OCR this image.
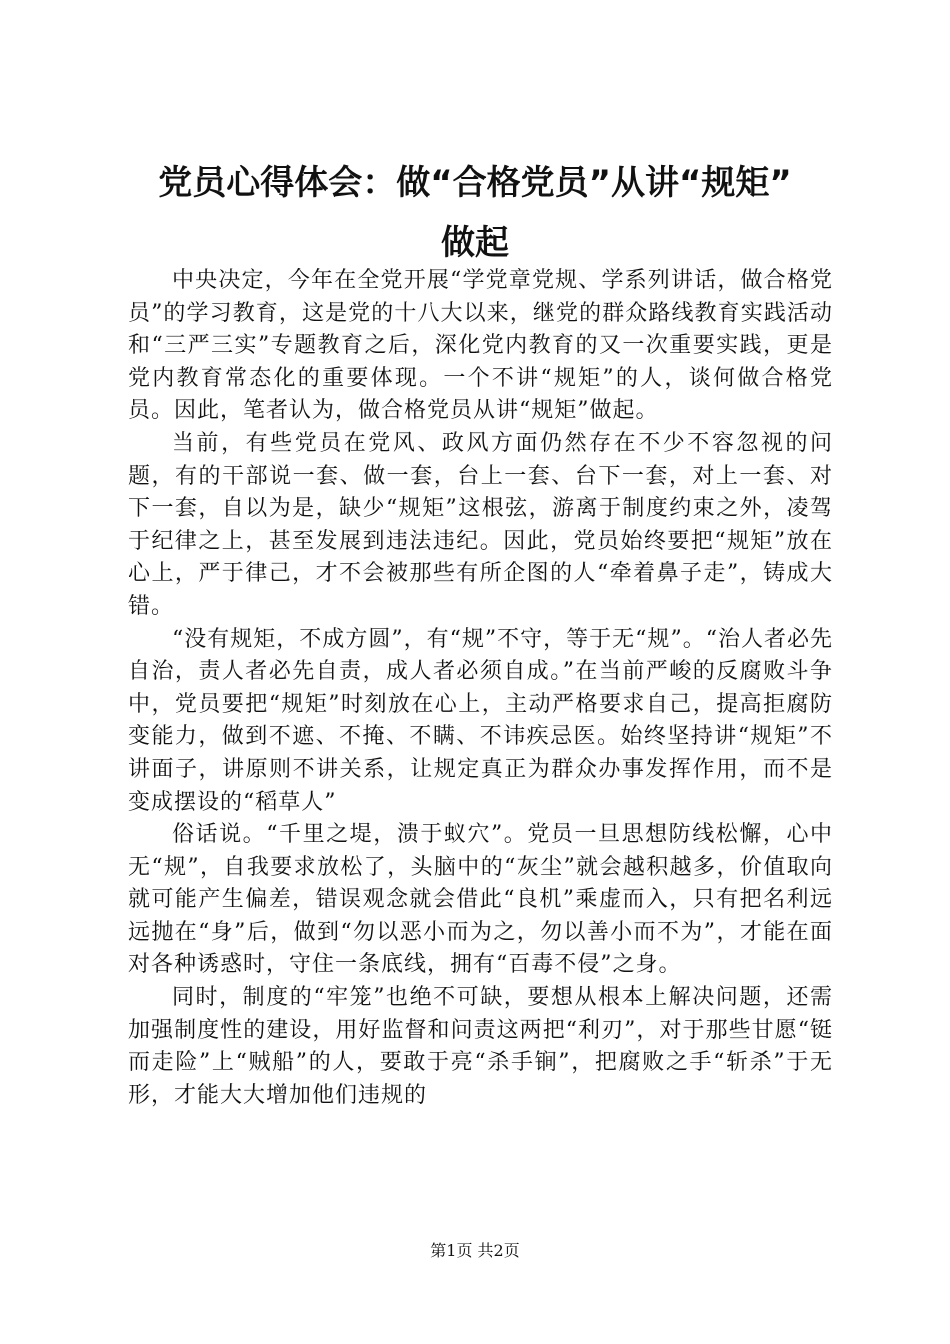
党员心得体会：做“合格党员”从讲“规矩”
做起

中央决定，今年在全党开展“学党章党规、学系列讲话，做合格党员”的学习教育，这是党的十八大以来，继党的群众路线教育实践活动和“三严三实”专题教育之后，深化党内教育的又一次重要实践，更是党内教育常态化的重要体现。一个不讲“规矩”的人，谈何做合格党员。因此，笔者认为，做合格党员从讲“规矩”做起。

当前，有些党员在党风、政风方面仍然存在不少不容忽视的问题，有的干部说一套、做一套，台上一套、台下一套，对上一套、对下一套，自以为是，缺少“规矩”这根弦，游离于制度约束之外，凌驾于纪律之上，甚至发展到违法违纪。因此，党员始终要把“规矩”放在心上，严于律己，才不会被那些有所企图的人“牵着鼻子走”，铸成大错。

“没有规矩，不成方圆”，有“规”不守，等于无“规”。“治人者必先自治，责人者必先自责，成人者必须自成。”在当前严峻的反腐败斗争中，党员要把“规矩”时刻放在心上，主动严格要求自己，提高拒腐防变能力，做到不遮、不掩、不瞒、不讳疾忌医。始终坚持讲“规矩”不讲面子，讲原则不讲关系，让规定真正为群众办事发挥作用，而不是变成摆设的“稻草人”

俗话说。“千里之堤，溃于蚁穴”。党员一旦思想防线松懈，心中无“规”，自我要求放松了，头脑中的“灰尘”就会越积越多，价值取向就可能产生偏差，错误观念就会借此“良机”乘虚而入，只有把名利远远抛在“身”后，做到“勿以恶小而为之，勿以善小而不为”，才能在面对各种诱惑时，守住一条底线，拥有“百毒不侵”之身。

同时，制度的“牢笼”也绝不可缺，要想从根本上解决问题，还需加强制度性的建设，用好监督和问责这两把“利刃”，对于那些甘愿“铤而走险”上“贼船”的人，要敢于亮“杀手锏”，把腐败之手“斩杀”于无形，才能大大增加他们违规的

第1页 共2页
